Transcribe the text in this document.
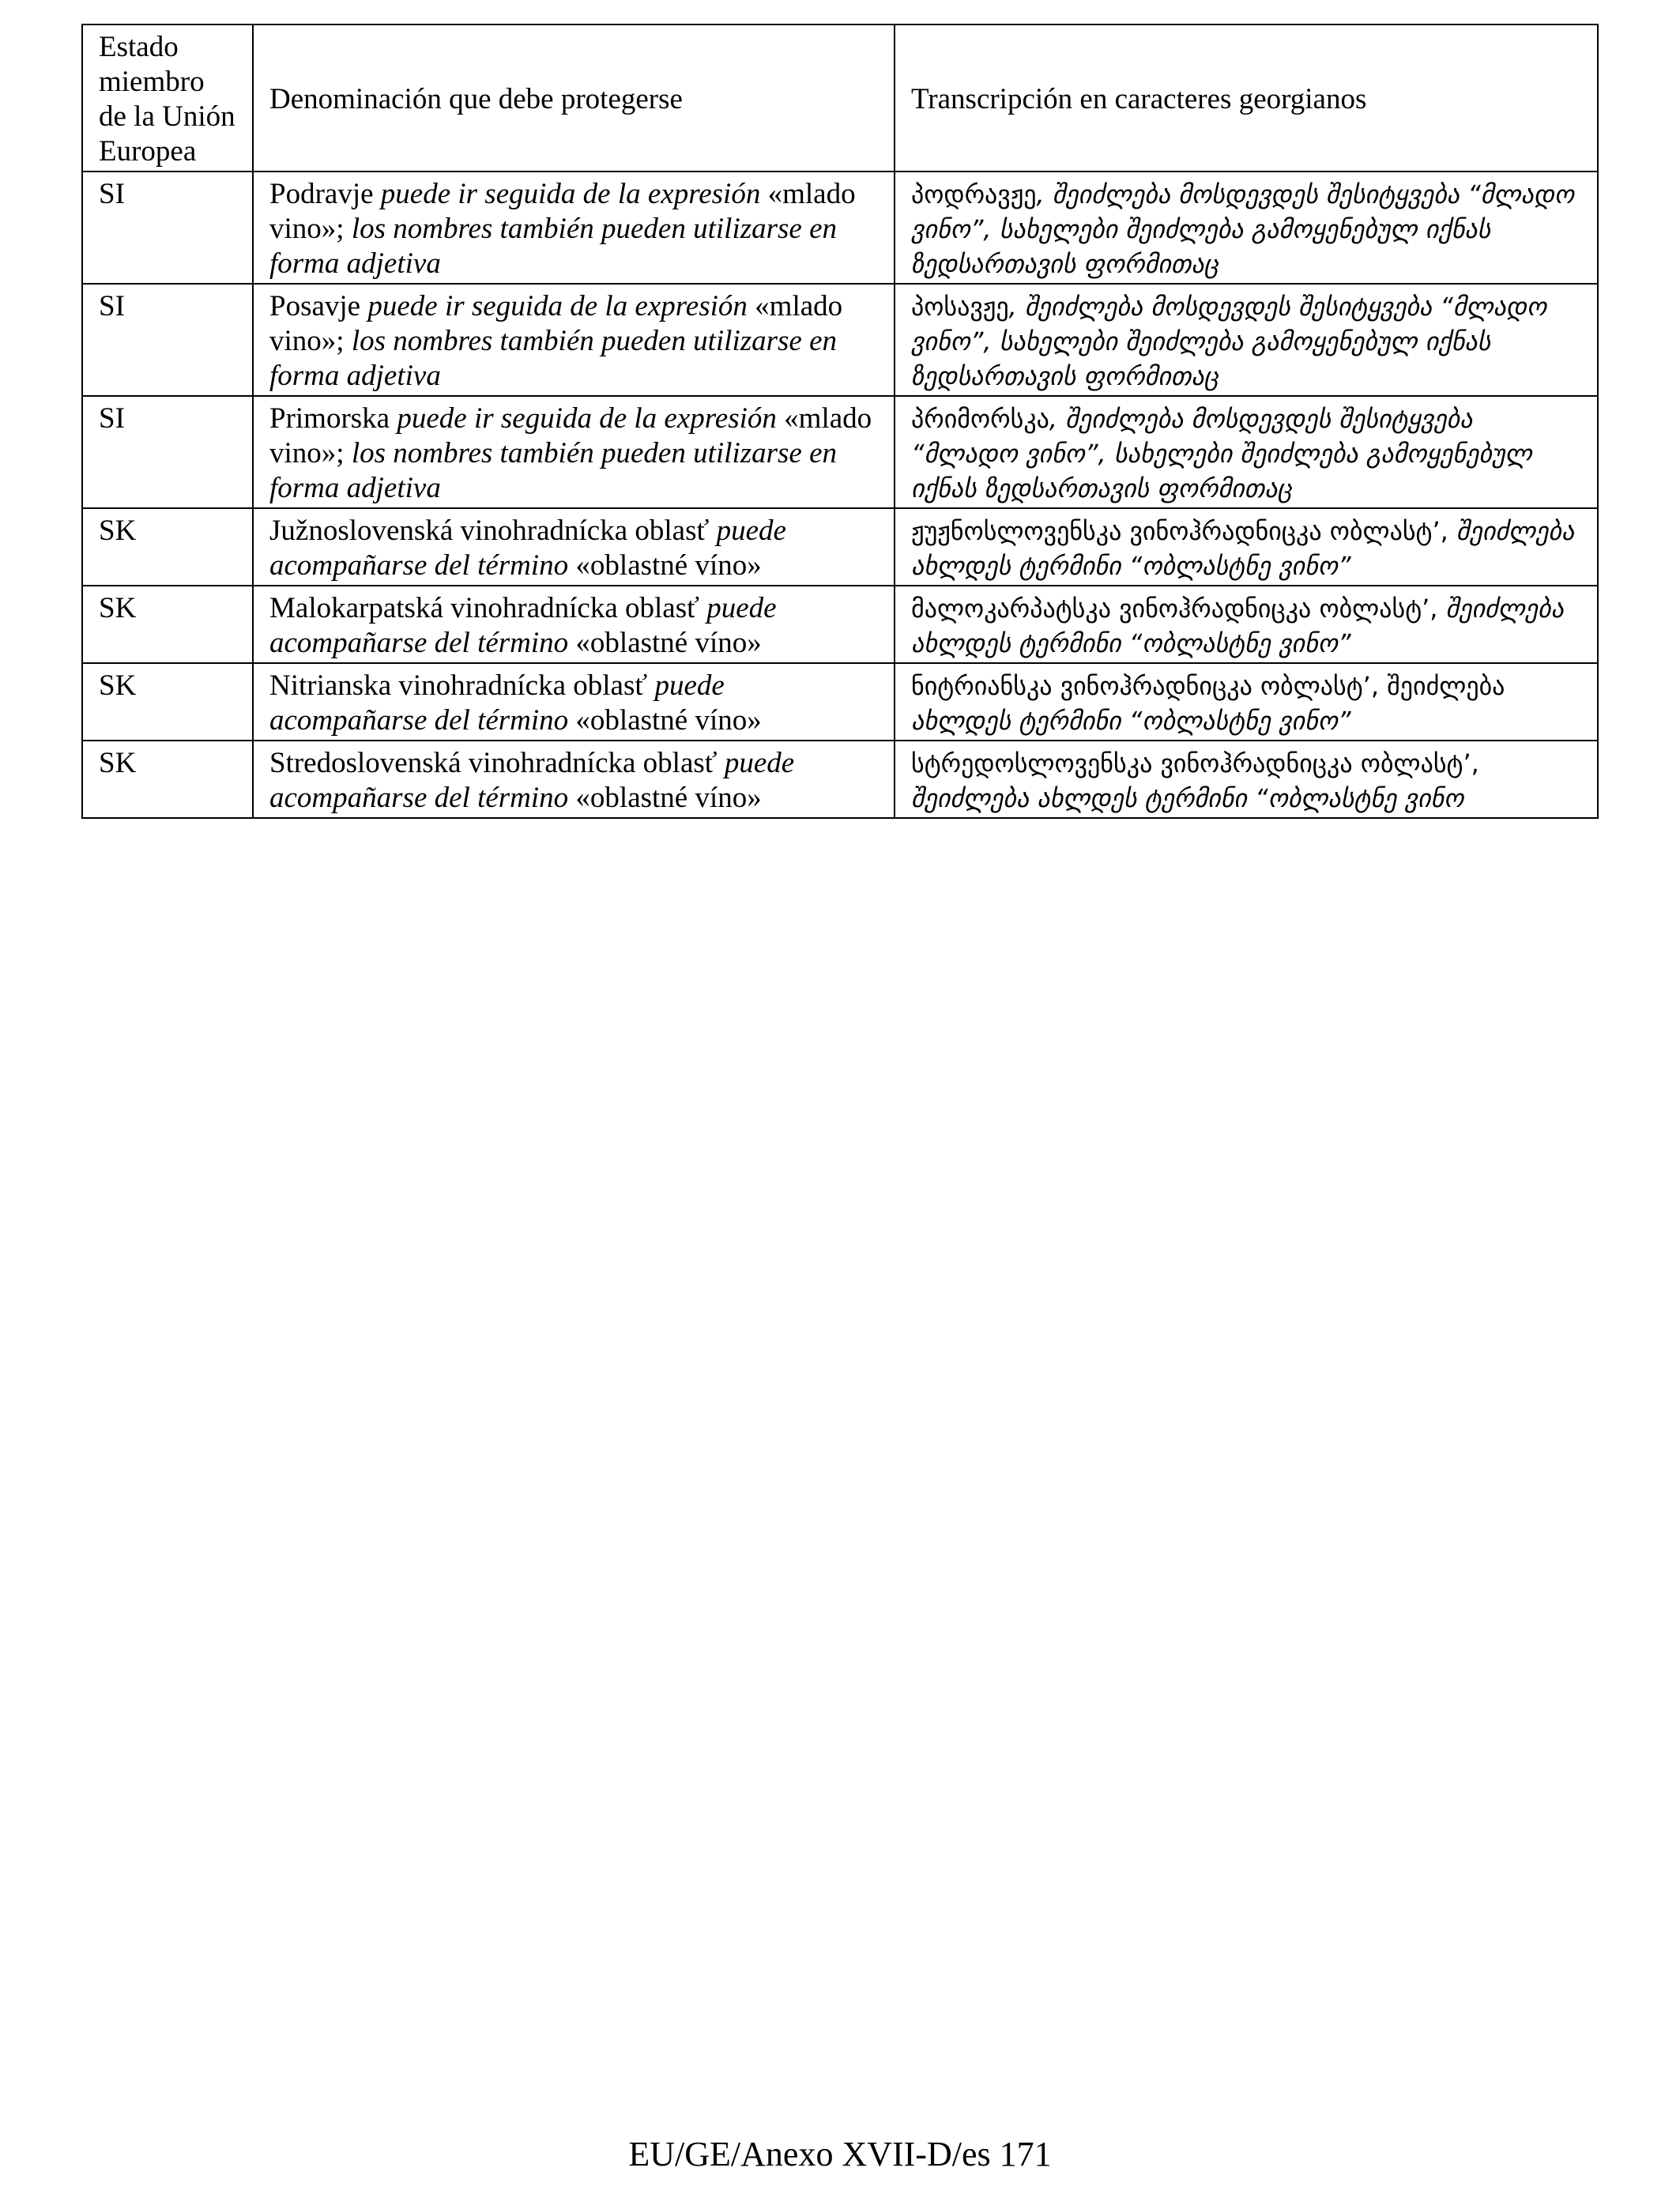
Estado miembro de la Unión Europea	Denominación que debe protegerse	Transcripción en caracteres georgianos
SI	Podravje puede ir seguida de la expresión «mlado vino»; los nombres también pueden utilizarse en forma adjetiva	პოდრავჟე, შეიძლება მოსდევდეს შესიტყვება “მლადო ვინო”, სახელები შეიძლება გამოყენებულ იქნას ზედსართავის ფორმითაც
SI	Posavje puede ir seguida de la expresión «mlado vino»; los nombres también pueden utilizarse en forma adjetiva	პოსავჟე, შეიძლება მოსდევდეს შესიტყვება “მლადო ვინო”, სახელები შეიძლება გამოყენებულ იქნას ზედსართავის ფორმითაც
SI	Primorska puede ir seguida de la expresión «mlado vino»; los nombres también pueden utilizarse en forma adjetiva	პრიმორსკა, შეიძლება მოსდევდეს შესიტყვება “მლადო ვინო”, სახელები შეიძლება გამოყენებულ იქნას ზედსართავის ფორმითაც
SK	Južnoslovenská vinohradnícka oblasť puede acompañarse del término «oblastné víno»	ჟუჟნოსლოვენსკა ვინოჰრადნიცკა ობლასტ’, შეიძლება ახლდეს ტერმინი “ობლასტნე ვინო”
SK	Malokarpatská vinohradnícka oblasť puede acompañarse del término «oblastné víno»	მალოკარპატსკა ვინოჰრადნიცკა ობლასტ’, შეიძლება ახლდეს ტერმინი “ობლასტნე ვინო”
SK	Nitrianska vinohradnícka oblasť puede acompañarse del término «oblastné víno»	ნიტრიანსკა ვინოჰრადნიცკა ობლასტ’, შეიძლება ახლდეს ტერმინი “ობლასტნე ვინო”
SK	Stredoslovenská vinohradnícka oblasť puede acompañarse del término «oblastné víno»	სტრედოსლოვენსკა ვინოჰრადნიცკა ობლასტ’, შეიძლება ახლდეს ტერმინი “ობლასტნე ვინო
EU/GE/Anexo XVII-D/es 171
